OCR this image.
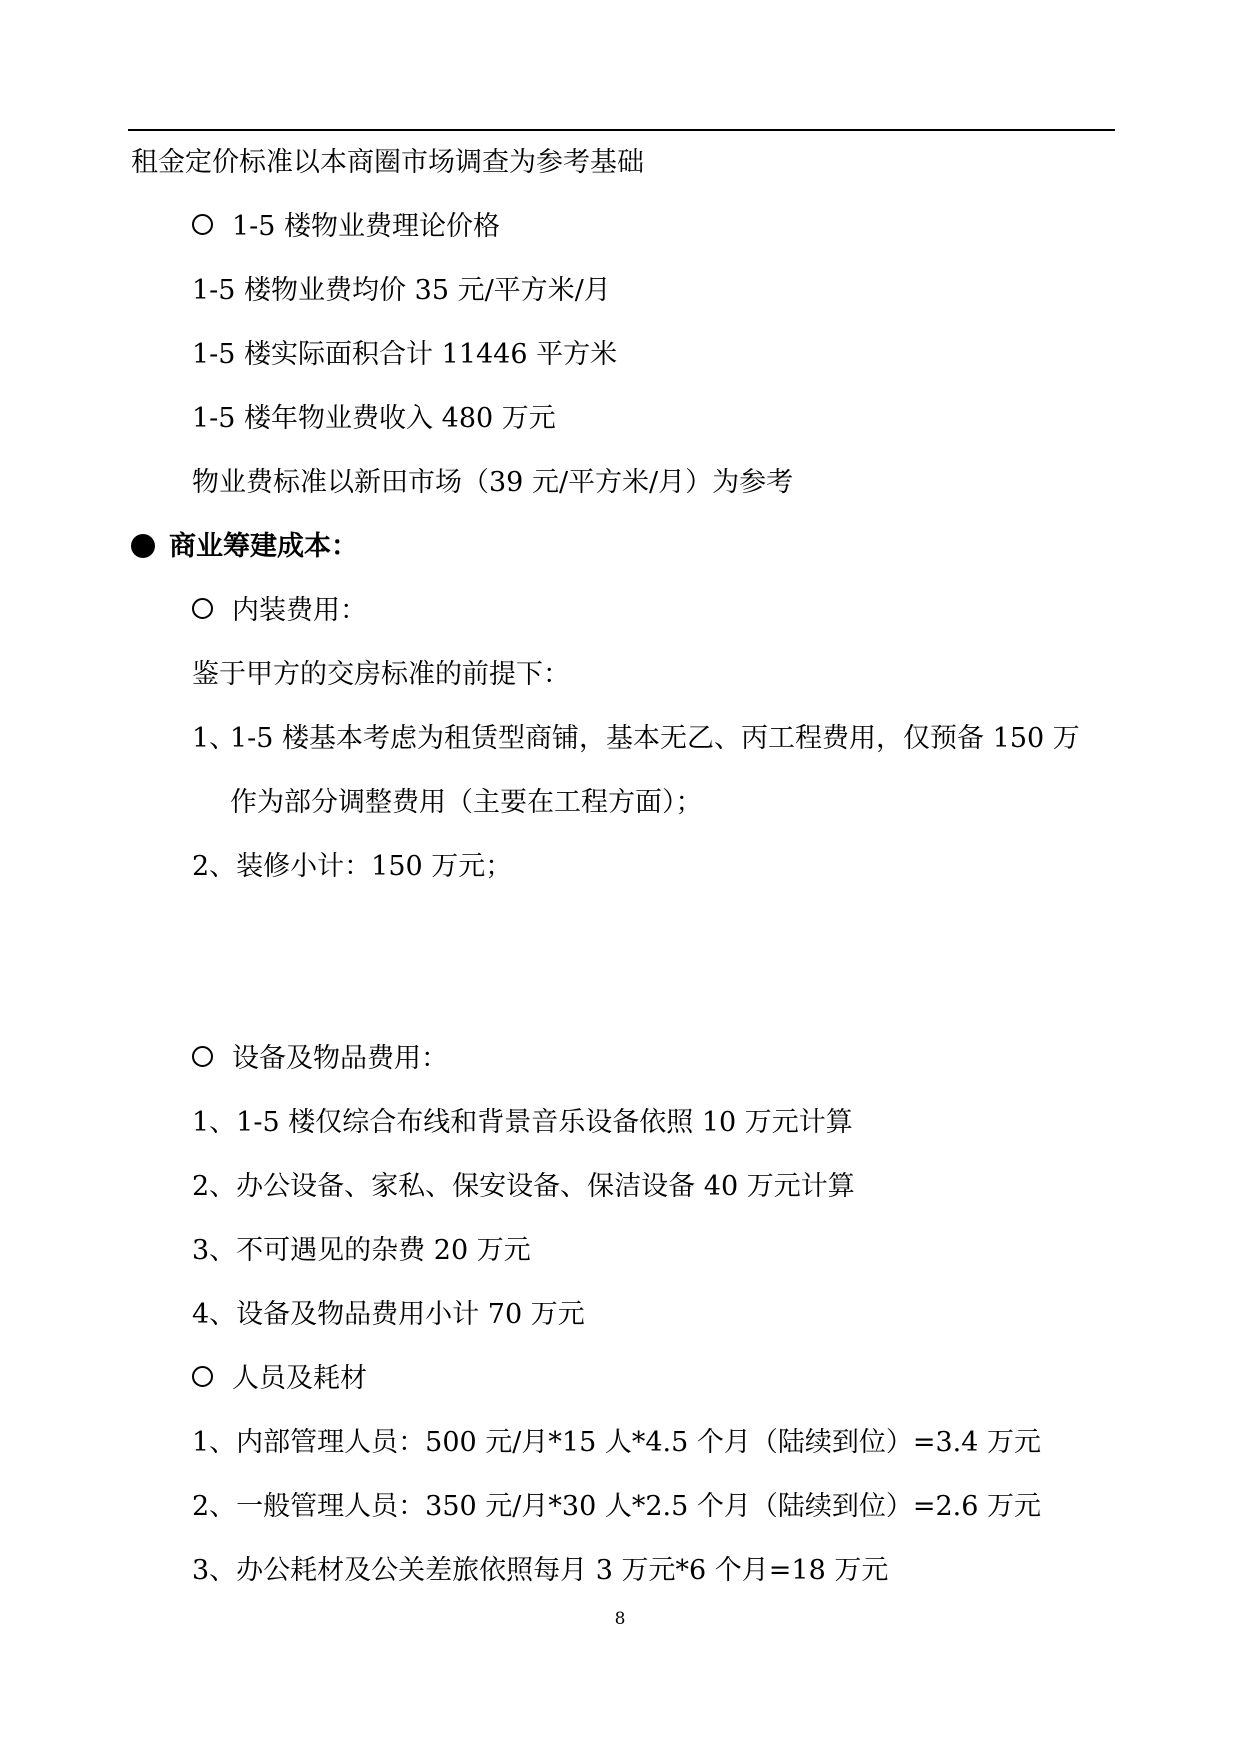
租金定价标准以本商圈市场调查为参考基础
1-5 楼物业费理论价格
1-5 楼物业费均价 35 元/平方米/月
1-5 楼实际面积合计 11446 平方米
1-5 楼年物业费收入 480 万元
物业费标准以新田市场（39 元/平方米/月）为参考
商业筹建成本：
内装费用：
鉴于甲方的交房标准的前提下：
1、1-5 楼基本考虑为租赁型商铺，基本无乙、丙工程费用，仅预备 150 万
作为部分调整费用（主要在工程方面）；
2、装修小计：150 万元；
设备及物品费用：
1、1-5 楼仅综合布线和背景音乐设备依照 10 万元计算
2、办公设备、家私、保安设备、保洁设备 40 万元计算
3、不可遇见的杂费 20 万元
4、设备及物品费用小计 70 万元
人员及耗材
1、内部管理人员：500 元/月*15 人*4.5 个月（陆续到位）=3.4 万元
2、一般管理人员：350 元/月*30 人*2.5 个月（陆续到位）=2.6 万元
3、办公耗材及公关差旅依照每月 3 万元*6 个月=18 万元
8
